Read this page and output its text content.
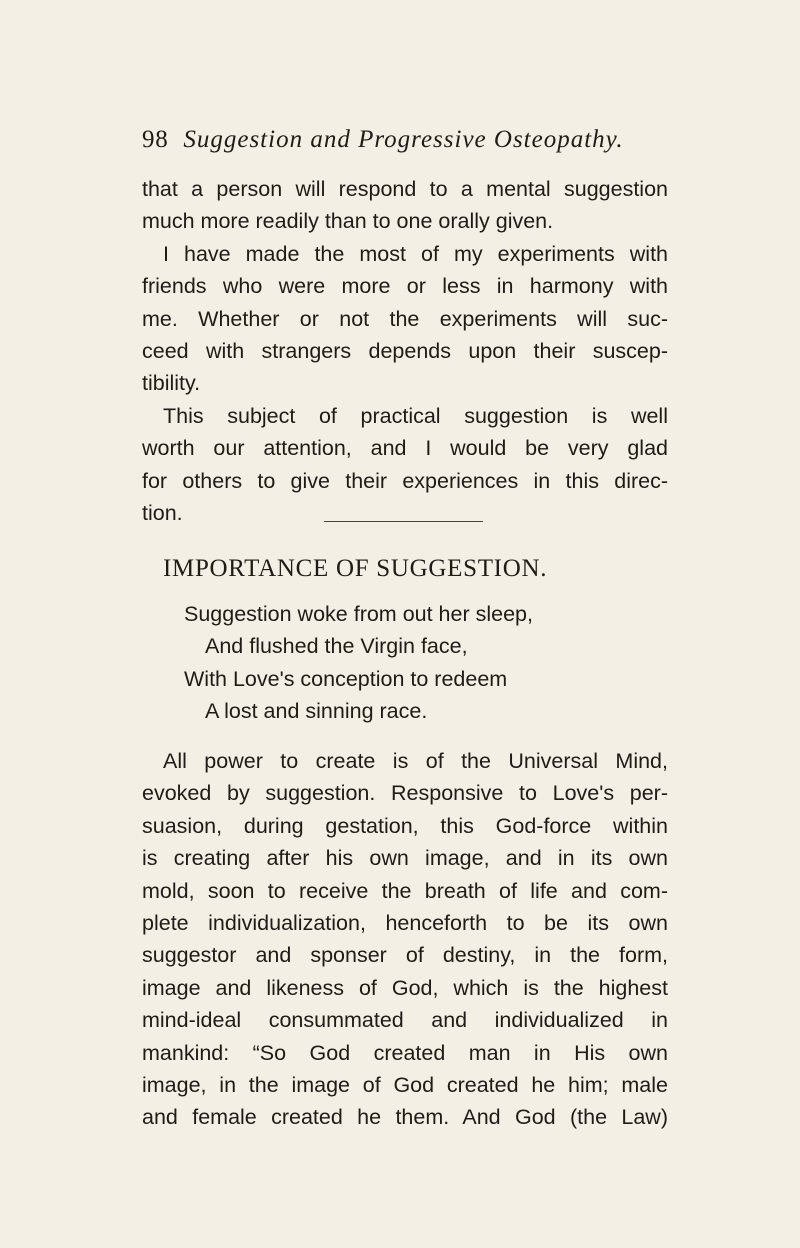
98 Suggestion and Progressive Osteopathy.
that a person will respond to a mental suggestion
much more readily than to one orally given.
I have made the most of my experiments with
friends who were more or less in harmony with
me. Whether or not the experiments will suc-
ceed with strangers depends upon their suscep-
tibility.
This subject of practical suggestion is well
worth our attention, and I would be very glad
for others to give their experiences in this direc-
tion.
IMPORTANCE OF SUGGESTION.
Suggestion woke from out her sleep,
And flushed the Virgin face,
With Love's conception to redeem
A lost and sinning race.
All power to create is of the Universal Mind,
evoked by suggestion. Responsive to Love's per-
suasion, during gestation, this God-force within
is creating after his own image, and in its own
mold, soon to receive the breath of life and com-
plete individualization, henceforth to be its own
suggestor and sponser of destiny, in the form,
image and likeness of God, which is the highest
mind-ideal consummated and individualized in
mankind: “So God created man in His own
image, in the image of God created he him; male
and female created he them. And God (the Law)
